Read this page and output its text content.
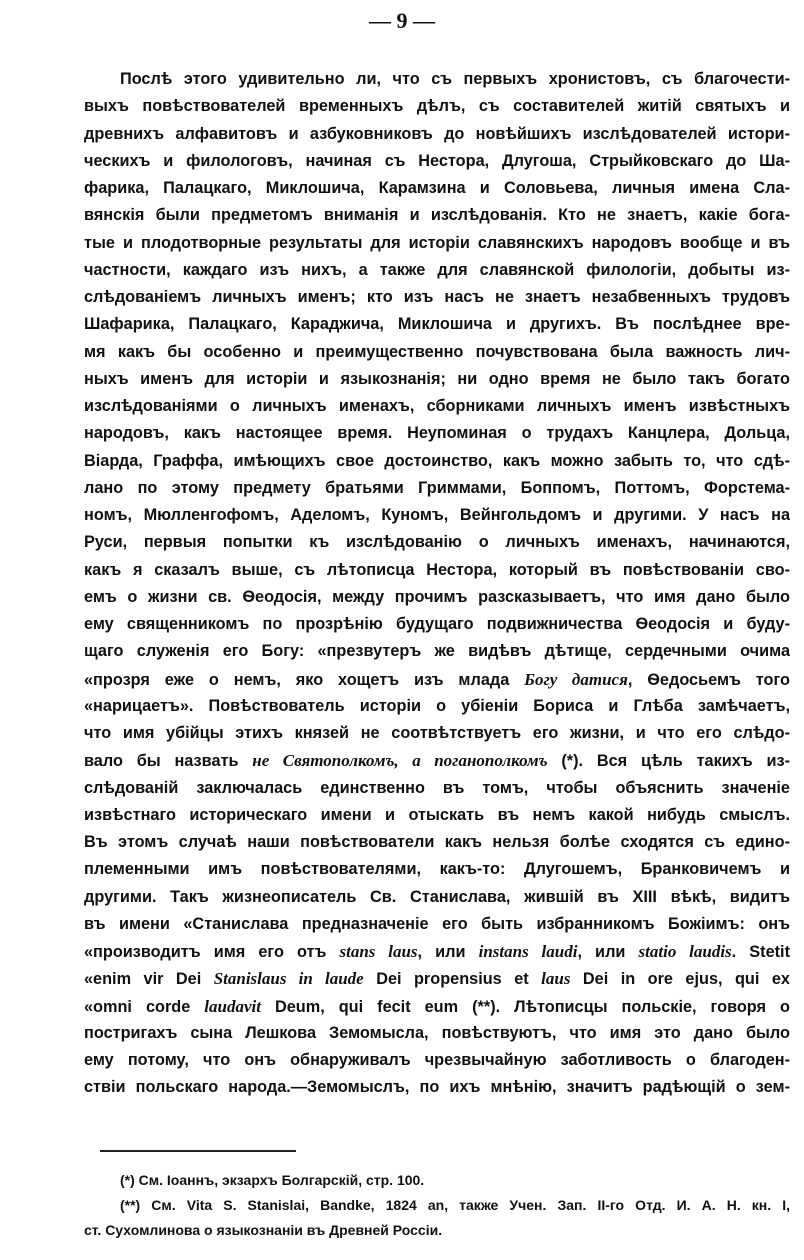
— 9 —
Послѣ этого удивительно ли, что съ первыхъ хронистовъ, съ благочести-
выхъ повѣствователей временныхъ дѣлъ, съ составителей житій святыхъ и
древнихъ алфавитовъ и азбуковниковъ до новѣйшихъ изслѣдователей истори-
ческихъ и филологовъ, начиная съ Нестора, Длугоша, Стрыйковскаго до Ша-
фарика, Палацкаго, Миклошича, Карамзина и Соловьева, личныя имена Сла-
вянскія были предметомъ вниманія и изслѣдованія. Кто не знаетъ, какіе бога-
тые и плодотворные результаты для исторіи славянскихъ народовъ вообще и въ
частности, каждаго изъ нихъ, а также для славянской филологіи, добыты из-
слѣдованіемъ личныхъ именъ; кто изъ насъ не знаетъ незабвенныхъ трудовъ
Шафарика, Палацкаго, Караджича, Миклошича и другихъ. Въ послѣднее вре-
мя какъ бы особенно и преимущественно почувствована была важность лич-
ныхъ именъ для исторіи и языкознанія; ни одно время не было такъ богато
изслѣдованіями о личныхъ именахъ, сборниками личныхъ именъ извѣстныхъ
народовъ, какъ настоящее время. Неупоминая о трудахъ Канцлера, Дольца,
Віарда, Граффа, имѣющихъ свое достоинство, какъ можно забыть то, что сдѣ-
лано по этому предмету братьями Гриммами, Боппомъ, Поттомъ, Форстема-
номъ, Мюлленгофомъ, Аделомъ, Куномъ, Вейнгольдомъ и другими. У насъ на
Руси, первыя попытки къ изслѣдованію о личныхъ именахъ, начинаются,
какъ я сказалъ выше, съ лѣтописца Нестора, который въ повѣствованіи сво-
емъ о жизни св. Ѳеодосія, между прочимъ разсказываетъ, что имя дано было
ему священникомъ по прозрѣнію будущаго подвижничества Ѳеодосія и буду-
щаго служенія его Богу: «презвутеръ же видѣвъ дѣтище, сердечными очима
«прозря еже о немъ, яко хощетъ изъ млада Богу датися, Ѳедосьемъ того
«нарицаетъ». Повѣствователь исторіи о убіеніи Бориса и Глѣба замѣчаетъ,
что имя убійцы этихъ князей не соотвѣтствуетъ его жизни, и что его слѣдо-
вало бы назвать не Святополкомъ, а поганополкомъ (*). Вся цѣль такихъ из-
слѣдованій заключалась единственно въ томъ, чтобы объяснить значеніе
извѣстнаго историческаго имени и отыскать въ немъ какой нибудь смыслъ.
Въ этомъ случаѣ наши повѣствователи какъ нельзя болѣе сходятся съ едино-
племенными имъ повѣствователями, какъ-то: Длугошемъ, Бранковичемъ и
другими. Такъ жизнеописатель Св. Станислава, жившій въ XIII вѣкѣ, видитъ
въ имени «Станислава предназначеніе его быть избранникомъ Божіимъ: онъ
«производитъ имя его отъ stans laus, или instans laudi, или statio laudis. Stetit
«enim vir Dei Stanislaus in laude Dei propensius et laus Dei in ore ejus, qui ex
«omni corde laudavit Deum, qui fecit eum (**). Лѣтописцы польскіе, говоря о
постригахъ сына Лешкова Земомысла, повѣствуютъ, что имя это дано было
ему потому, что онъ обнаруживалъ чрезвычайную заботливость о благоден-
ствіи польскаго народа.—Земомыслъ, по ихъ мнѣнію, значитъ радѣющій о зем-
(*) См. Іоаннъ, экзархъ Болгарскій, стр. 100.
(**) См. Vita S. Stanislai, Bandkе, 1824 an, также Учен. Зап. II-го Отд. И. А. Н. кн. I,
ст. Сухомлинова о языкознаніи въ Древней Россіи.
